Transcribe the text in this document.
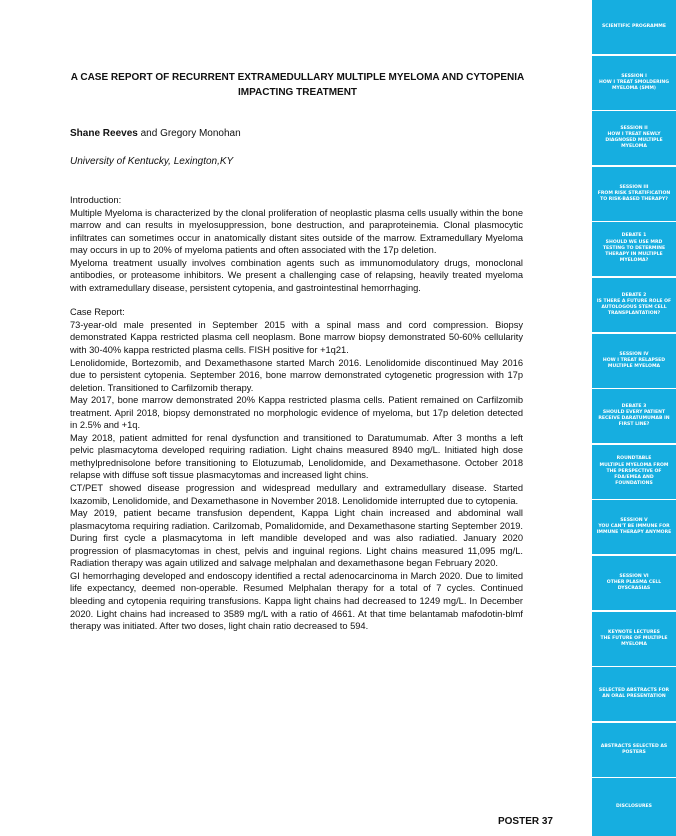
A CASE REPORT OF RECURRENT EXTRAMEDULLARY MULTIPLE MYELOMA AND CYTOPENIA IMPACTING TREATMENT
Shane Reeves and Gregory Monohan
University of Kentucky, Lexington,KY

Introduction:

Multiple Myeloma is characterized by the clonal proliferation of neoplastic plasma cells usually within the bone marrow and can results in myelosuppression, bone destruction, and paraproteinemia. Clonal plasmocytic infiltrates can sometimes occur in anatomically distant sites outside of the marrow. Extramedullary Myeloma may occurs in up to 20% of myeloma patients and often associated with the 17p deletion.

Myeloma treatment usually involves combination agents such as immunomodulatory drugs, monoclonal antibodies, or proteasome inhibitors. We present a challenging case of relapsing, heavily treated myeloma with extramedullary disease, persistent cytopenia, and gastrointestinal hemorrhaging.

Case Report:

73-year-old male presented in September 2015 with a spinal mass and cord compression. Biopsy demonstrated Kappa restricted plasma cell neoplasm. Bone marrow biopsy demonstrated 50-60% cellularity with 30-40% kappa restricted plasma cells. FISH positive for +1q21.

Lenolidomide, Bortezomib, and Dexamethasone started March 2016. Lenolidomide discontinued May 2016 due to persistent cytopenia. September 2016, bone marrow demonstrated cytogenetic progression with 17p deletion. Transitioned to Carfilzomib therapy.

May 2017, bone marrow demonstrated 20% Kappa restricted plasma cells. Patient remained on Carfilzomib treatment. April 2018, biopsy demonstrated no morphologic evidence of myeloma, but 17p deletion detected in 2.5% and +1q.

May 2018, patient admitted for renal dysfunction and transitioned to Daratumumab. After 3 months a left pelvic plasmacytoma developed requiring radiation. Light chains measured 8940 mg/L. Initiated high dose methylprednisolone before transitioning to Elotuzumab, Lenolidomide, and Dexamethasone. October 2018 relapse with diffuse soft tissue plasmacytomas and increased light chins.

CT/PET showed disease progression and widespread medullary and extramedullary disease. Started Ixazomib, Lenolidomide, and Dexamethasone in November 2018. Lenolidomide interrupted due to cytopenia.

May 2019, patient became transfusion dependent, Kappa Light chain increased and abdominal wall plasmacytoma requiring radiation. Carilzomab, Pomalidomide, and Dexamethasone starting September 2019. During first cycle a plasmacytoma in left mandible developed and was also radiatied. January 2020 progression of plasmacytomas in chest, pelvis and inguinal regions. Light chains measured 11,095 mg/L. Radiation therapy was again utilized and salvage melphalan and dexamethasone began February 2020.

GI hemorrhaging developed and endoscopy identified a rectal adenocarcinoma in March 2020. Due to limited life expectancy, deemed non-operable. Resumed Melphalan therapy for a total of 7 cycles. Continued bleeding and cytopenia requiring transfusions. Kappa light chains had decreased to 1249 mg/L. In December 2020. Light chains had increased to 3589 mg/L with a ratio of 4661. At that time belantamab mafodotin-blmf therapy was initiated. After two doses, light chain ratio decreased to 594.

POSTER 37
SCIENTIFIC PROGRAMME
SESSION I
HOW I TREAT SMOLDERING MYELOMA (SMM)
SESSION II
HOW I TREAT NEWLY DIAGNOSED MULTIPLE MYELOMA
SESSION III
FROM RISK STRATIFICATION TO RISK-BASED THERAPY?
DEBATE 1
SHOULD WE USE MRD TESTING TO DETERMINE THERAPY IN MULTIPLE MYELOMA?
DEBATE 2
IS THERE A FUTURE ROLE OF AUTOLOGOUS STEM CELL TRANSPLANTATION?
SESSION IV
HOW I TREAT RELAPSED MULTIPLE MYELOMA
DEBATE 3
SHOULD EVERY PATIENT RECEIVE DARATUMUMAB IN FIRST LINE?
ROUNDTABLE
MULTIPLE MYELOMA FROM THE PERSPECTIVE OF FDA/EMEA AND FOUNDATIONS
SESSION V
YOU CAN'T BE IMMUNE FOR IMMUNE THERAPY ANYMORE
SESSION VI
OTHER PLASMA CELL DYSCRASIAS
KEYNOTE LECTURES
THE FUTURE OF MULTIPLE MYELOMA
SELECTED ABSTRACTS FOR AN ORAL PRESENTATION
ABSTRACTS SELECTED AS POSTERS
DISCLOSURES
